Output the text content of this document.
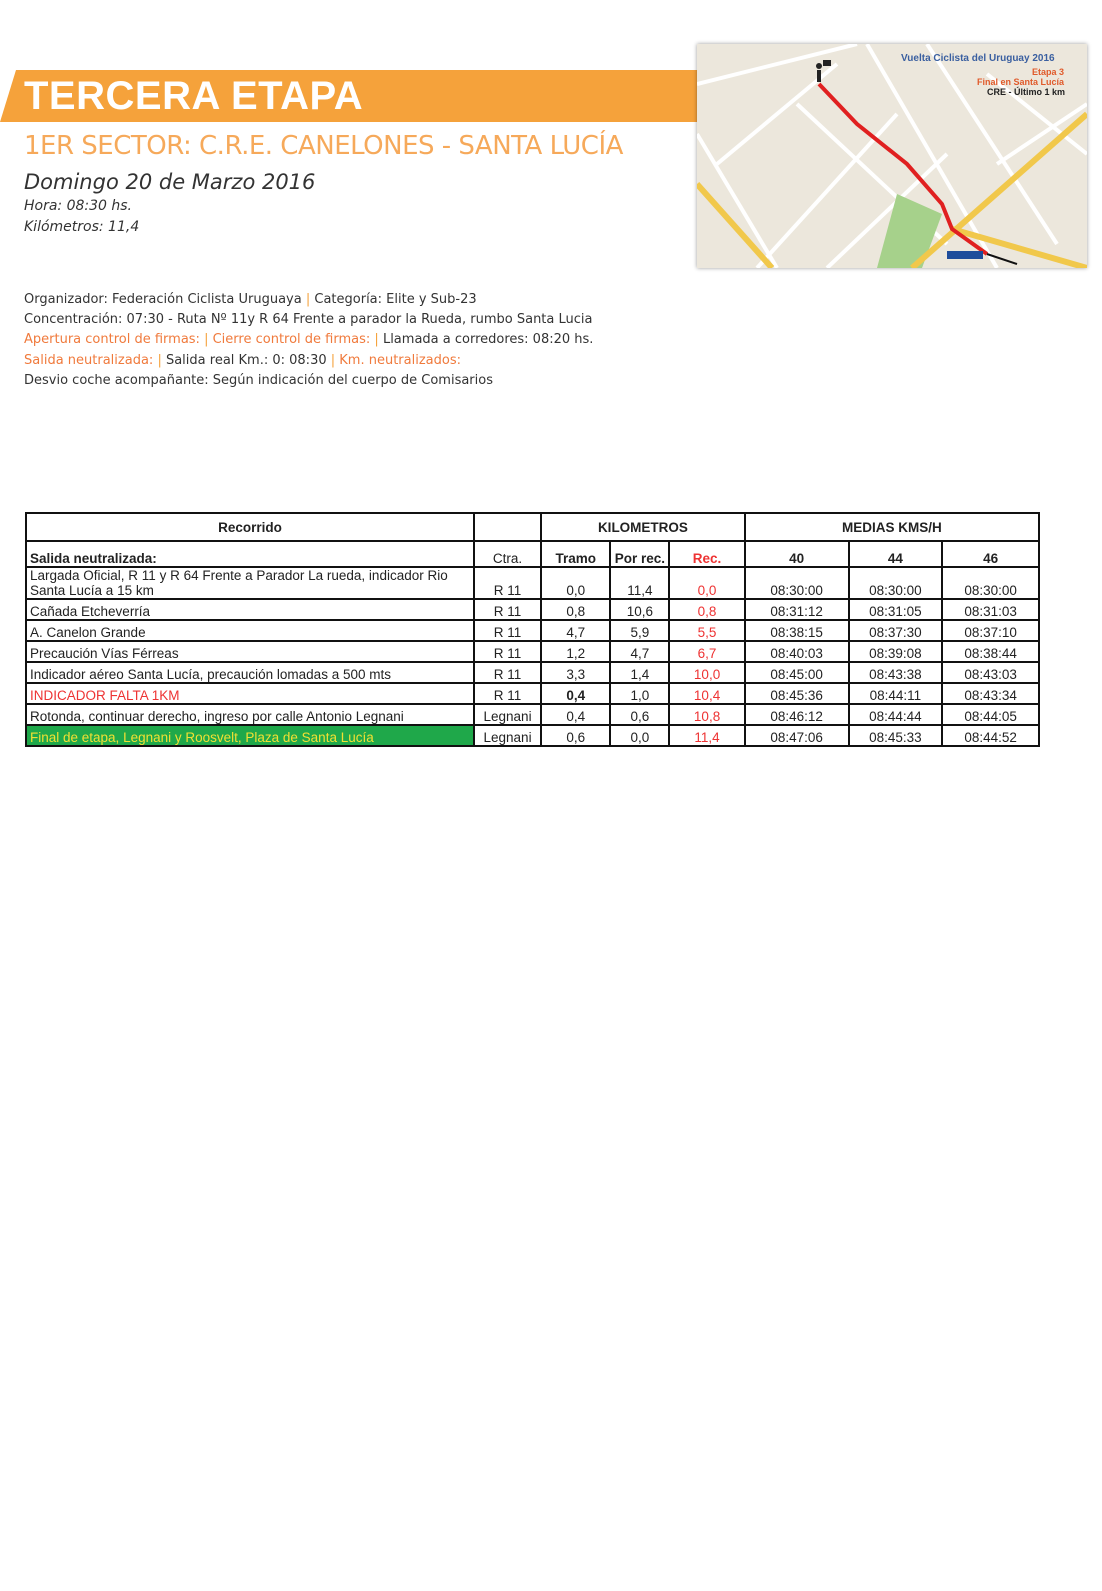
TERCERA ETAPA
1ER SECTOR: C.R.E. CANELONES - SANTA LUCÍA
Domingo 20 de Marzo 2016
Hora: 08:30 hs.
Kilómetros: 11,4
Vuelta Ciclista del Uruguay 2016
Etapa 3
Final en Santa Lucía
CRE - Último 1 km
Organizador: Federación Ciclista Uruguaya | Categoría: Elite y Sub-23
Concentración: 07:30 - Ruta Nº 11y R 64 Frente a parador la Rueda, rumbo Santa Lucia
Apertura control de firmas: | Cierre control de firmas: | Llamada a corredores: 08:20 hs.
Salida neutralizada: | Salida real Km.: 0: 08:30 | Km. neutralizados:
Desvio coche acompañante: Según indicación del cuerpo de Comisarios
Recorrido		KILOMETROS			MEDIAS KMS/H		
Salida neutralizada:	Ctra.	Tramo	Por rec.	Rec.	40	44	46
Largada Oficial, R 11 y R 64 Frente a Parador La rueda, indicador Rio Santa Lucía a 15 km	R 11	0,0	11,4	0,0	08:30:00	08:30:00	08:30:00
Cañada Etcheverría	R 11	0,8	10,6	0,8	08:31:12	08:31:05	08:31:03
A. Canelon Grande	R 11	4,7	5,9	5,5	08:38:15	08:37:30	08:37:10
Precaución Vías Férreas	R 11	1,2	4,7	6,7	08:40:03	08:39:08	08:38:44
Indicador aéreo Santa Lucía, precaución lomadas a 500 mts	R 11	3,3	1,4	10,0	08:45:00	08:43:38	08:43:03
INDICADOR FALTA 1KM	R 11	0,4	1,0	10,4	08:45:36	08:44:11	08:43:34
Rotonda, continuar derecho, ingreso por calle Antonio Legnani	Legnani	0,4	0,6	10,8	08:46:12	08:44:44	08:44:05
Final de etapa, Legnani y Roosvelt, Plaza de Santa Lucía	Legnani	0,6	0,0	11,4	08:47:06	08:45:33	08:44:52
